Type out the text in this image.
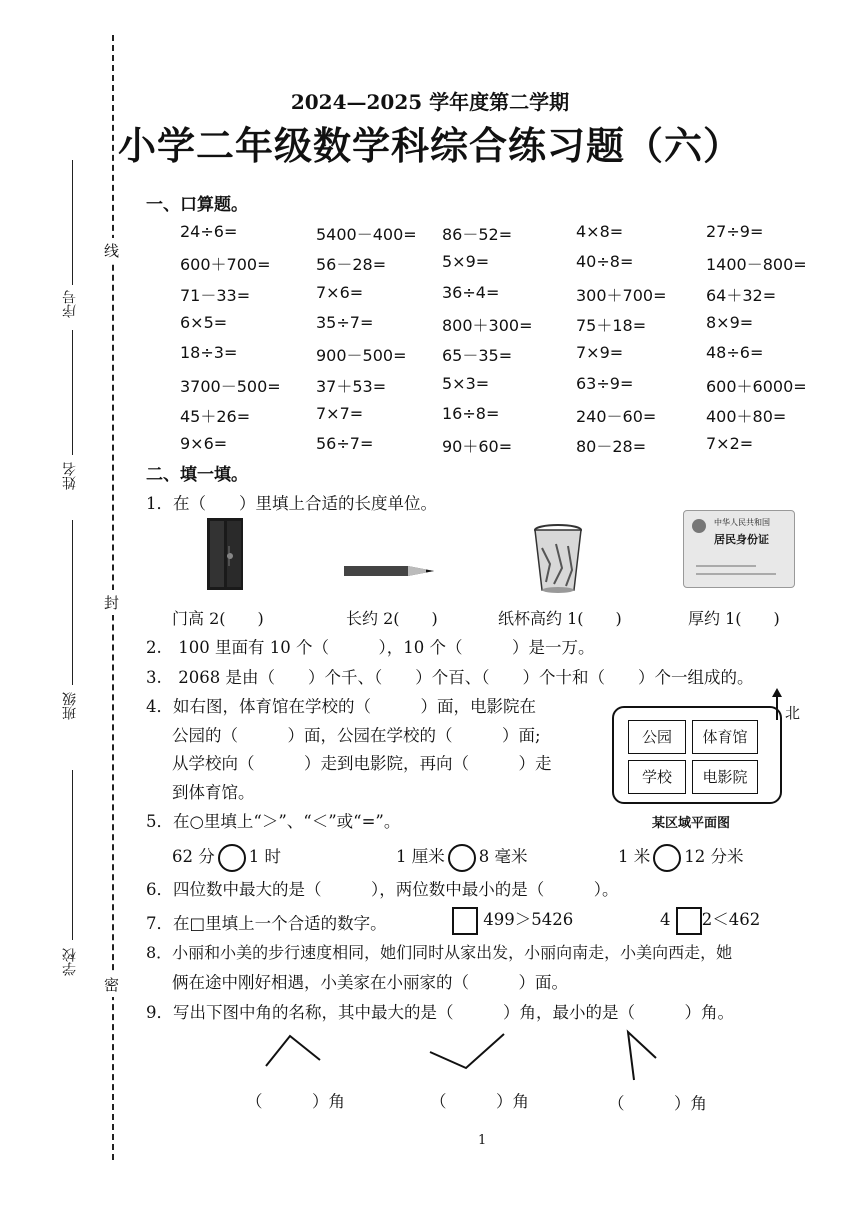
线
封
密
序号
姓名
班级
学校
2024—2025 学年度第二学期
小学二年级数学科综合练习题（六）
一、口算题。
24÷6=	5400－400= 86－52=	4×8=	27÷9=
600＋700=	56－28=	5×9=	40÷8=	1400－800=
71－33=	7×6=	36÷4=	300＋700= 64＋32=
6×5=	35÷7=	800＋300=	75＋18=	8×9=
18÷3=	900－500= 65－35=	7×9=	48÷6=
3700－500= 37＋53=	5×3=	63÷9=	600＋6000=
45＋26=	7×7=	16÷8=	240－60=	400＋80=
9×6=	56÷7=	90＋60=	80－28=	7×2=
二、填一填。
1．在（　　）里填上合适的长度单位。
中华人民共和国
居民身份证
门高 2(　　)	长约 2(　　)	纸杯高约 1(　　)	厚约 1(　　)
2.　100 里面有 10 个（　　　），10 个（　　　）是一万。
3.　2068 是由（　　）个千、（　　）个百、（　　）个十和（　　）个一组成的。
4．如右图，体育馆在学校的（　　　）面，电影院在
公园的（　　　）面，公园在学校的（　　　）面;
从学校向（　　　）走到电影院，再向（　　　）走
到体育馆。
北
公园	体育馆
学校	电影院
某区域平面图
5．在○里填上“＞”、“＜”或“=”。
62 分 1 时	1 厘米 8 毫米	1 米 12 分米
6．四位数中最大的是（　　　），两位数中最小的是（　　　）。
7．在□里填上一个合适的数字。	499＞5426	4 2＜462
8．小丽和小美的步行速度相同，她们同时从家出发，小丽向南走，小美向西走，她
俩在途中刚好相遇，小美家在小丽家的（　　　）面。
9．写出下图中角的名称，其中最大的是（　　　）角，最小的是（　　　）角。
（　　　）角	（　　　）角	（　　　）角
1
